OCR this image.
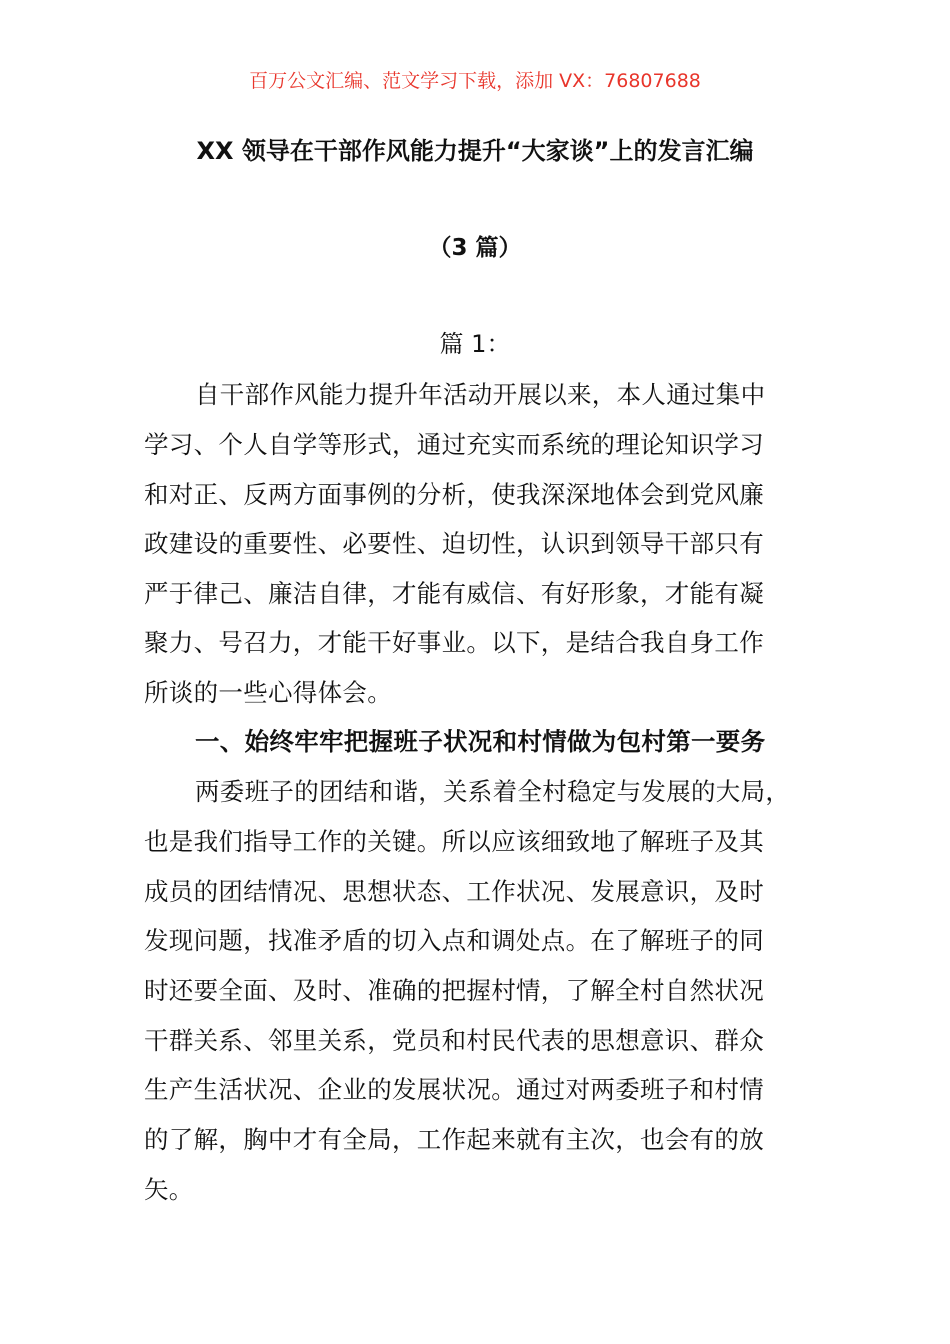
百万公文汇编、范文学习下载，添加 VX：76807688
XX 领导在干部作风能力提升“大家谈”上的发言汇编
（3 篇）
篇 1：
自干部作风能力提升年活动开展以来，本人通过集中
学习、个人自学等形式，通过充实而系统的理论知识学习
和对正、反两方面事例的分析，使我深深地体会到党风廉
政建设的重要性、必要性、迫切性，认识到领导干部只有
严于律己、廉洁自律，才能有威信、有好形象，才能有凝
聚力、号召力，才能干好事业。以下，是结合我自身工作
所谈的一些心得体会。
一、始终牢牢把握班子状况和村情做为包村第一要务
两委班子的团结和谐，关系着全村稳定与发展的大局，
也是我们指导工作的关键。所以应该细致地了解班子及其
成员的团结情况、思想状态、工作状况、发展意识，及时
发现问题，找准矛盾的切入点和调处点。在了解班子的同
时还要全面、及时、准确的把握村情，了解全村自然状况
干群关系、邻里关系，党员和村民代表的思想意识、群众
生产生活状况、企业的发展状况。通过对两委班子和村情
的了解，胸中才有全局，工作起来就有主次，也会有的放
矢。
